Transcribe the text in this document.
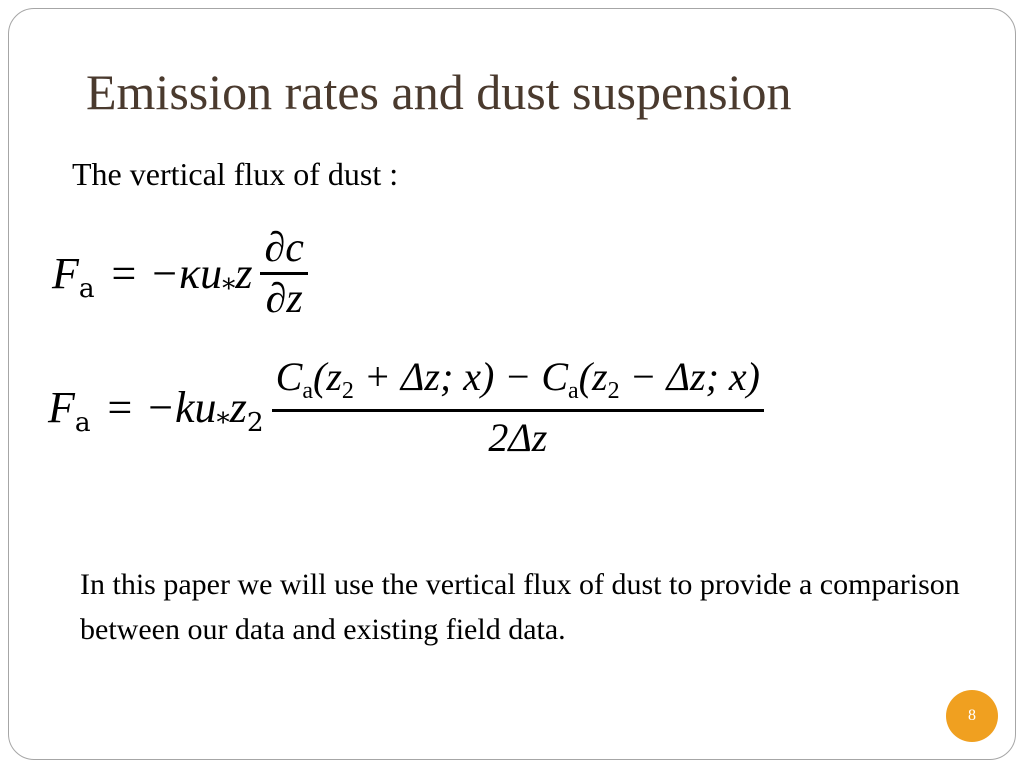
Emission rates and dust suspension
The vertical flux of dust :
F $a = -\kappa u_*z \frac{\partial c}{\partial z}$
F $a = -ku_*z_2 \frac{C_a(z_2 + \Delta z; x) - C_a(z_2 - \Delta z; x)}{2\Delta z}$
In this paper we will use the vertical flux of dust to provide a comparison between our data and existing field data.
8
